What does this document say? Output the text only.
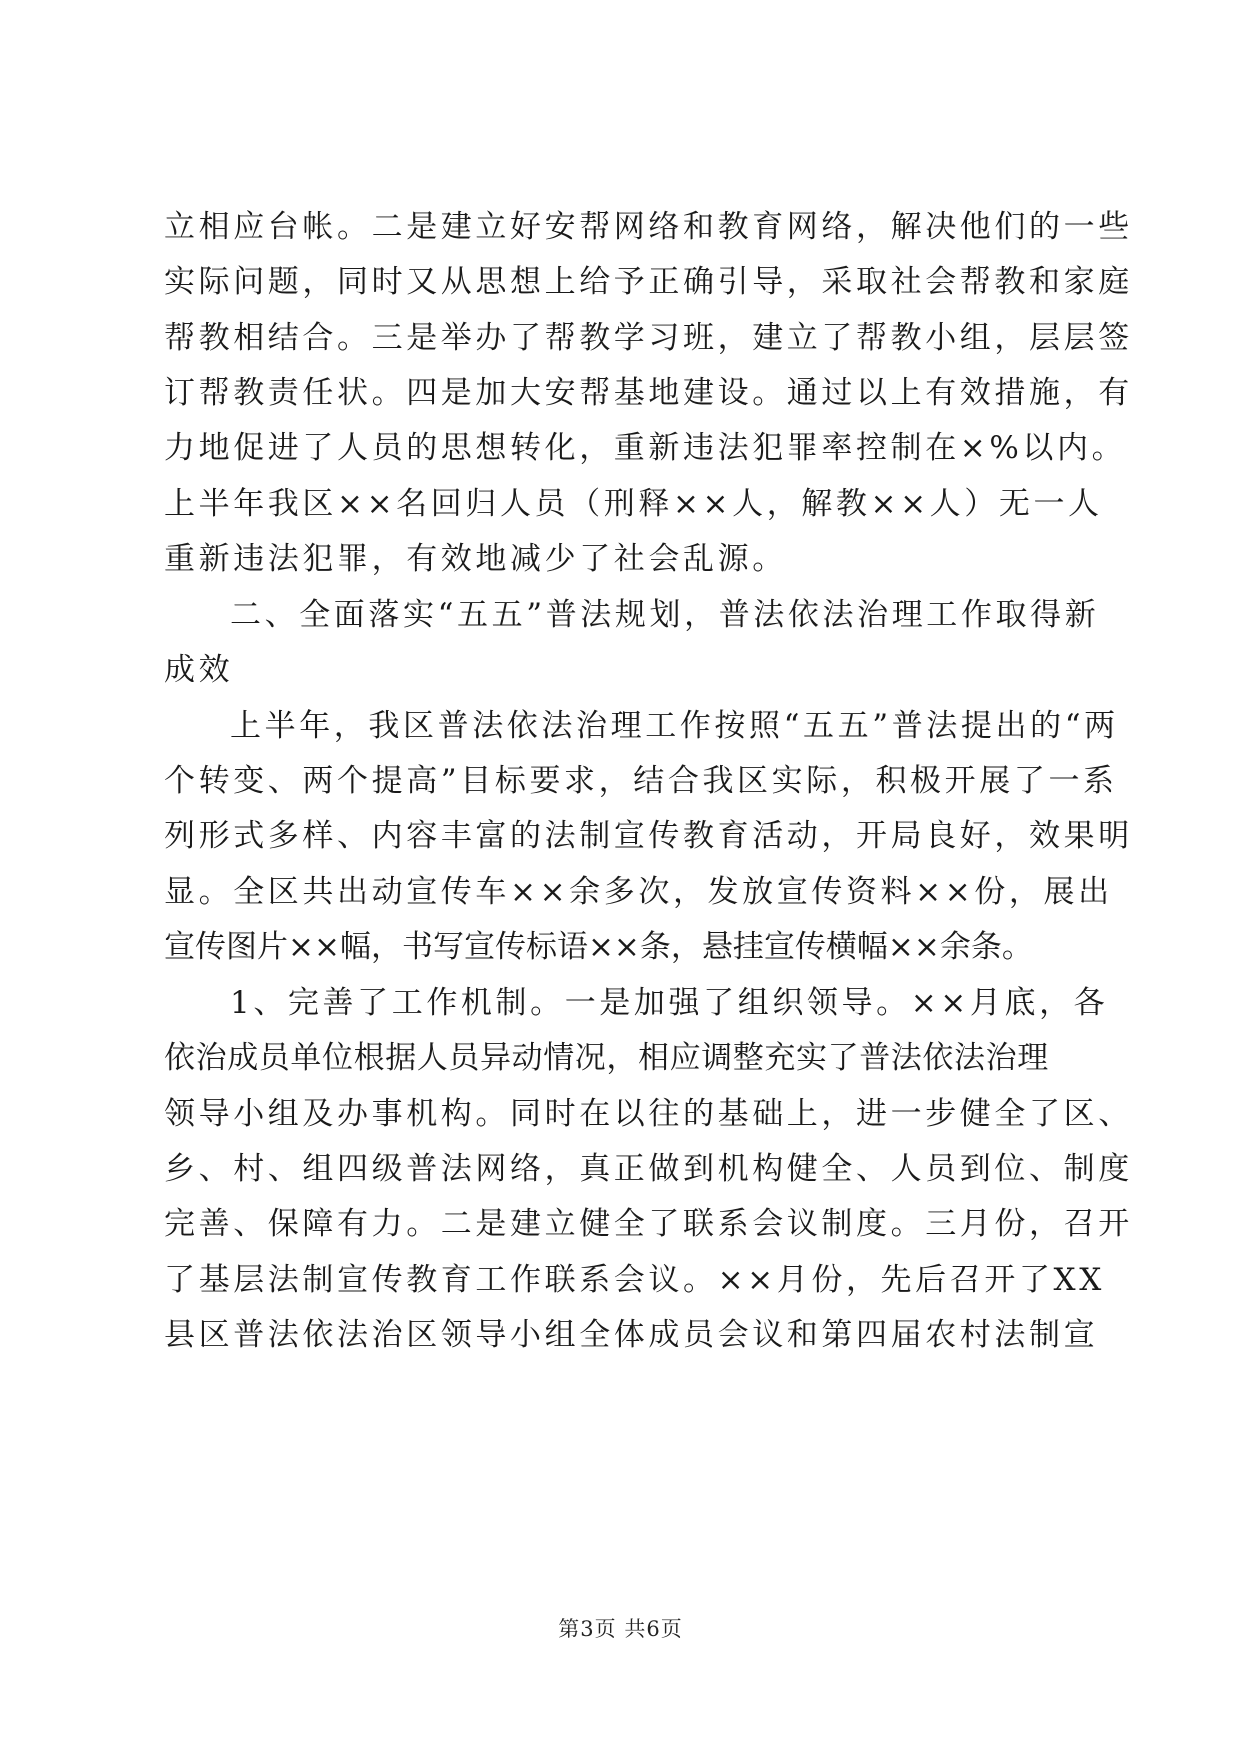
立相应台帐。二是建立好安帮网络和教育网络，解决他们的一些
实际问题，同时又从思想上给予正确引导，采取社会帮教和家庭
帮教相结合。三是举办了帮教学习班，建立了帮教小组，层层签
订帮教责任状。四是加大安帮基地建设。通过以上有效措施，有
力地促进了人员的思想转化，重新违法犯罪率控制在×%以内。
上半年我区××名回归人员（刑释××人，解教××人）无一人
重新违法犯罪，有效地减少了社会乱源。
二、全面落实“五五”普法规划，普法依法治理工作取得新
成效
上半年，我区普法依法治理工作按照“五五”普法提出的“两
个转变、两个提高”目标要求，结合我区实际，积极开展了一系
列形式多样、内容丰富的法制宣传教育活动，开局良好，效果明
显。全区共出动宣传车××余多次，发放宣传资料××份，展出
宣传图片××幅，书写宣传标语××条，悬挂宣传横幅××余条。
1、完善了工作机制。一是加强了组织领导。××月底，各
依治成员单位根据人员异动情况，相应调整充实了普法依法治理
领导小组及办事机构。同时在以往的基础上，进一步健全了区、
乡、村、组四级普法网络，真正做到机构健全、人员到位、制度
完善、保障有力。二是建立健全了联系会议制度。三月份，召开
了基层法制宣传教育工作联系会议。××月份，先后召开了XX
县区普法依法治区领导小组全体成员会议和第四届农村法制宣
第3页 共6页
